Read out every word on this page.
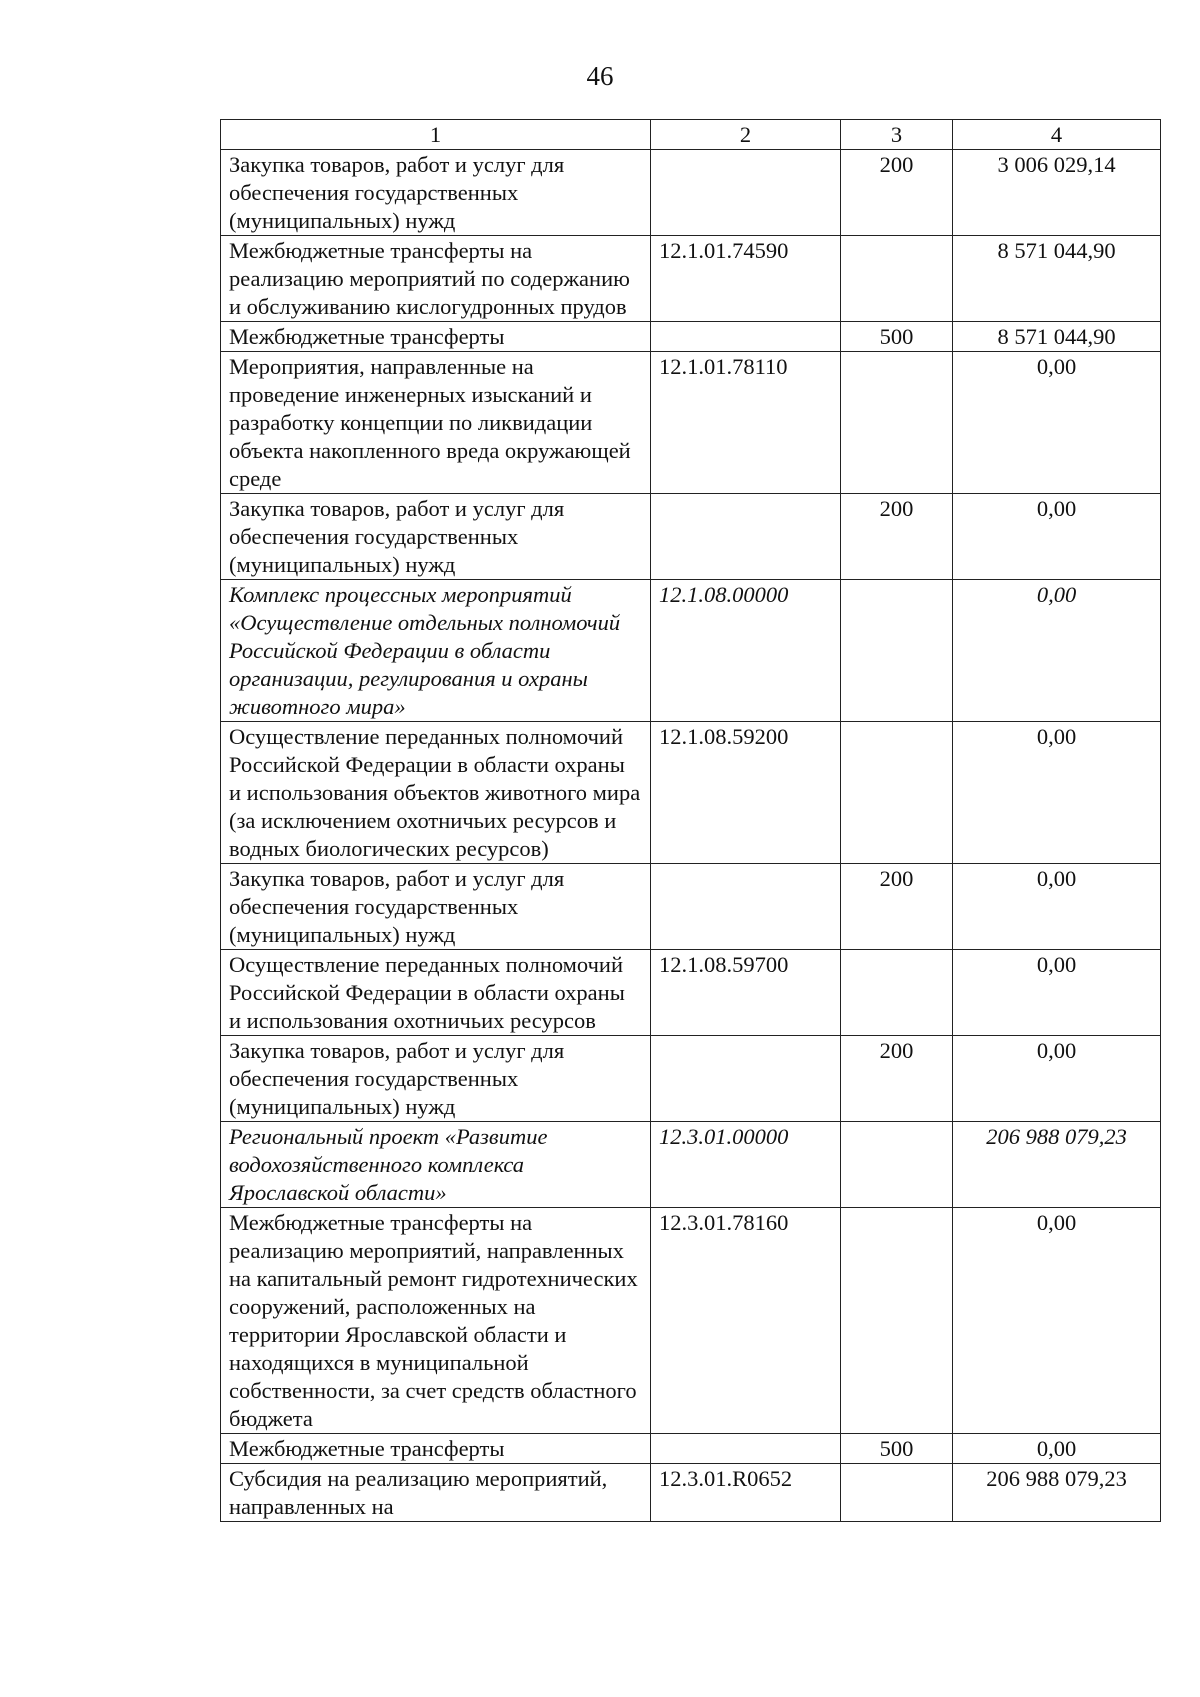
46
1	2	3	4
Закупка товаров, работ и услуг для обеспечения государственных (муниципальных) нужд		200	3 006 029,14
Межбюджетные трансферты на реализацию мероприятий по содержанию и обслуживанию кислогудронных прудов	12.1.01.74590		8 571 044,90
Межбюджетные трансферты		500	8 571 044,90
Мероприятия, направленные на проведение инженерных изысканий и разработку концепции по ликвидации объекта накопленного вреда окружающей среде	12.1.01.78110		0,00
Закупка товаров, работ и услуг для обеспечения государственных (муниципальных) нужд		200	0,00
Комплекс процессных мероприятий «Осуществление отдельных полномочий Российской Федерации в области организации, регулирования и охраны животного мира»	12.1.08.00000		0,00
Осуществление переданных полномочий Российской Федерации в области охраны и использования объектов животного мира (за исключением охотничьих ресурсов и водных биологических ресурсов)	12.1.08.59200		0,00
Закупка товаров, работ и услуг для обеспечения государственных (муниципальных) нужд		200	0,00
Осуществление переданных полномочий Российской Федерации в области охраны и использования охотничьих ресурсов	12.1.08.59700		0,00
Закупка товаров, работ и услуг для обеспечения государственных (муниципальных) нужд		200	0,00
Региональный проект «Развитие водохозяйственного комплекса Ярославской области»	12.3.01.00000		206 988 079,23
Межбюджетные трансферты на реализацию мероприятий, направленных на капитальный ремонт гидротехнических сооружений, расположенных на территории Ярославской области и находящихся в муниципальной собственности, за счет средств областного бюджета	12.3.01.78160		0,00
Межбюджетные трансферты		500	0,00
Субсидия на реализацию мероприятий, направленных на	12.3.01.R0652		206 988 079,23
